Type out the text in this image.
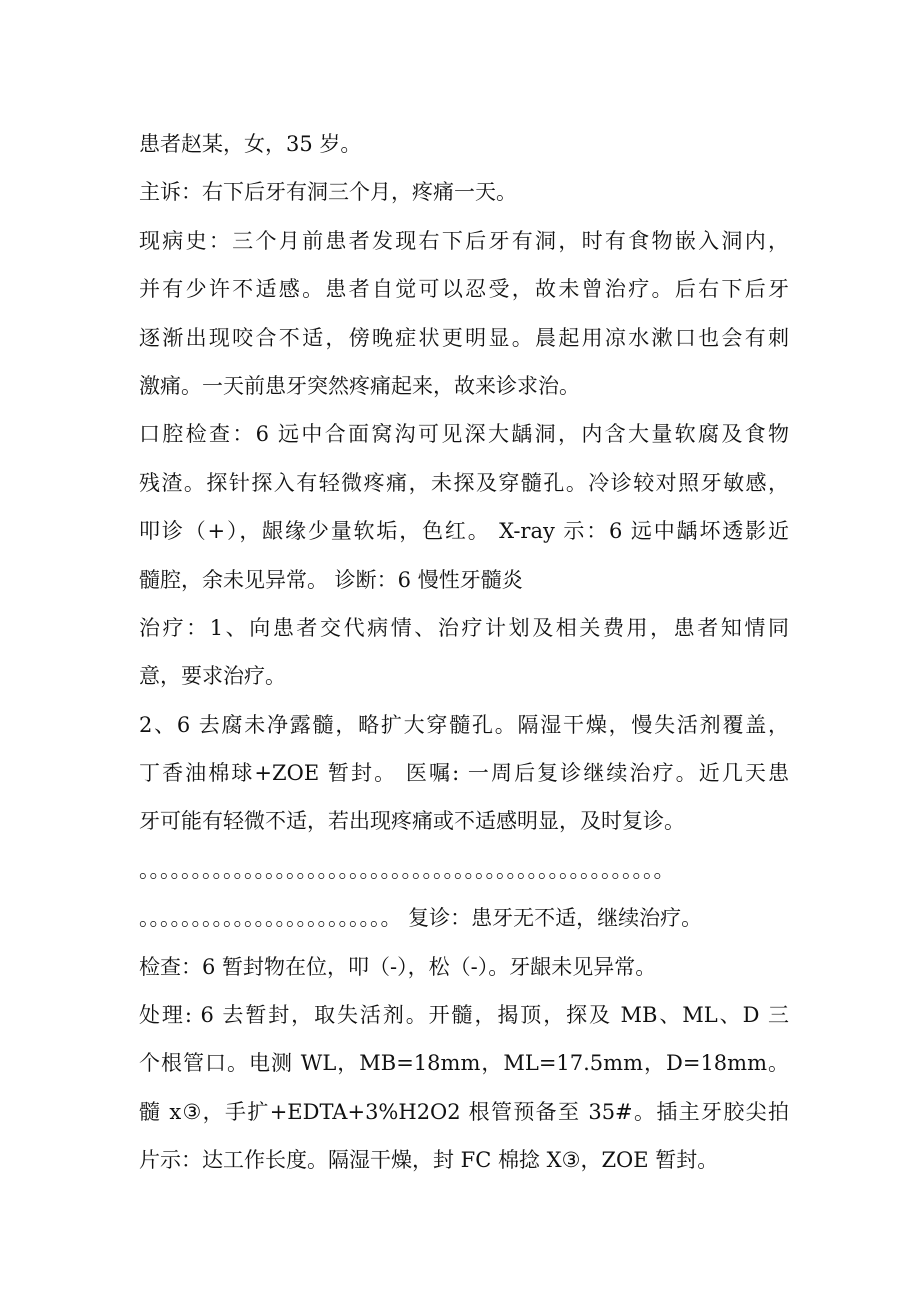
患者赵某，女，35 岁。
主诉：右下后牙有洞三个月，疼痛一天。
现病史：三个月前患者发现右下后牙有洞，时有食物嵌入洞内，
并有少许不适感。患者自觉可以忍受，故未曾治疗。后右下后牙
逐渐出现咬合不适，傍晚症状更明显。晨起用凉水漱口也会有刺
激痛。一天前患牙突然疼痛起来，故来诊求治。
口腔检查：6 远中合面窝沟可见深大龋洞，内含大量软腐及食物
残渣。探针探入有轻微疼痛，未探及穿髓孔。冷诊较对照牙敏感，
叩诊（+），龈缘少量软垢，色红。 X-ray 示：6 远中龋坏透影近
髓腔，余未见异常。 诊断：6 慢性牙髓炎
治疗：1、向患者交代病情、治疗计划及相关费用，患者知情同
意，要求治疗。
2、6 去腐未净露髓，略扩大穿髓孔。隔湿干燥，慢失活剂覆盖，
丁香油棉球+ZOE 暂封。 医嘱: 一周后复诊继续治疗。近几天患
牙可能有轻微不适，若出现疼痛或不适感明显，及时复诊。
。。。。。。。。。。。。。。。。。。。。。。。。。。。。。。。。。。。。。。。。。。。。。。。。。。
。。。。。。。。。。。。。。。。。。。。。。。。 复诊：患牙无不适，继续治疗。
检查：6 暂封物在位，叩（-），松（-）。牙龈未见异常。
处理: 6 去暂封，取失活剂。开髓，揭顶，探及 MB、ML、D 三
个根管口。电测 WL，MB=18mm，ML=17.5mm，D=18mm。
髓 x③，手扩+EDTA+3%H2O2 根管预备至 35#。插主牙胶尖拍
片示：达工作长度。隔湿干燥，封 FC 棉捻 X③，ZOE 暂封。
